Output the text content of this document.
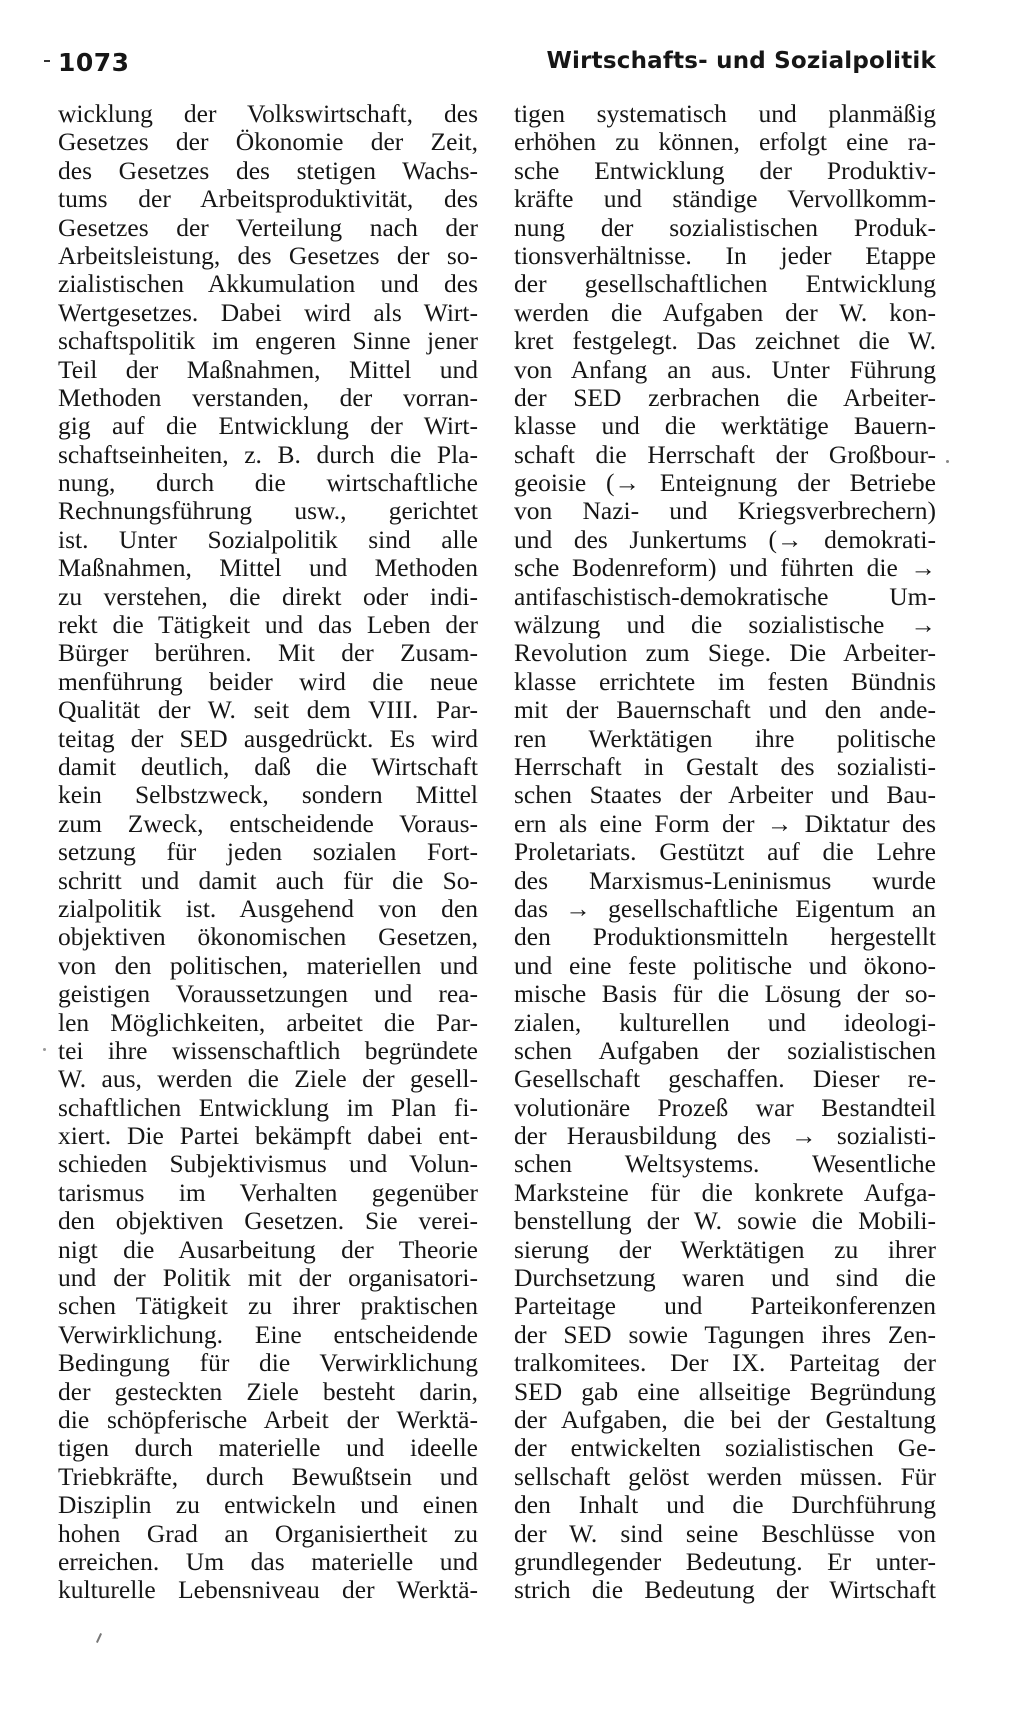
1073	Wirtschafts- und Sozialpolitik
wicklung der Volkswirtschaft, des
Gesetzes der Ökonomie der Zeit,
des Gesetzes des stetigen Wachs-
tums der Arbeitsproduktivität, des
Gesetzes der Verteilung nach der
Arbeitsleistung, des Gesetzes der so-
zialistischen Akkumulation und des
Wertgesetzes. Dabei wird als Wirt-
schaftspolitik im engeren Sinne jener
Teil der Maßnahmen, Mittel und
Methoden verstanden, der vorran-
gig auf die Entwicklung der Wirt-
schaftseinheiten, z. B. durch die Pla-
nung, durch die wirtschaftliche
Rechnungsführung usw., gerichtet
ist. Unter Sozialpolitik sind alle
Maßnahmen, Mittel und Methoden
zu verstehen, die direkt oder indi-
rekt die Tätigkeit und das Leben der
Bürger berühren. Mit der Zusam-
menführung beider wird die neue
Qualität der W. seit dem VIII. Par-
teitag der SED ausgedrückt. Es wird
damit deutlich, daß die Wirtschaft
kein Selbstzweck, sondern Mittel
zum Zweck, entscheidende Voraus-
setzung für jeden sozialen Fort-
schritt und damit auch für die So-
zialpolitik ist. Ausgehend von den
objektiven ökonomischen Gesetzen,
von den politischen, materiellen und
geistigen Voraussetzungen und rea-
len Möglichkeiten, arbeitet die Par-
tei ihre wissenschaftlich begründete
W. aus, werden die Ziele der gesell-
schaftlichen Entwicklung im Plan fi-
xiert. Die Partei bekämpft dabei ent-
schieden Subjektivismus und Volun-
tarismus im Verhalten gegenüber
den objektiven Gesetzen. Sie verei-
nigt die Ausarbeitung der Theorie
und der Politik mit der organisatori-
schen Tätigkeit zu ihrer praktischen
Verwirklichung. Eine entscheidende
Bedingung für die Verwirklichung
der gesteckten Ziele besteht darin,
die schöpferische Arbeit der Werktä-
tigen durch materielle und ideelle
Triebkräfte, durch Bewußtsein und
Disziplin zu entwickeln und einen
hohen Grad an Organisiertheit zu
erreichen. Um das materielle und
kulturelle Lebensniveau der Werktä-
tigen systematisch und planmäßig
erhöhen zu können, erfolgt eine ra-
sche Entwicklung der Produktiv-
kräfte und ständige Vervollkomm-
nung der sozialistischen Produk-
tionsverhältnisse. In jeder Etappe
der gesellschaftlichen Entwicklung
werden die Aufgaben der W. kon-
kret festgelegt. Das zeichnet die W.
von Anfang an aus. Unter Führung
der SED zerbrachen die Arbeiter-
klasse und die werktätige Bauern-
schaft die Herrschaft der Großbour-
geoisie (→ Enteignung der Betriebe
von Nazi- und Kriegsverbrechern)
und des Junkertums (→ demokrati-
sche Bodenreform) und führten die →
antifaschistisch-demokratische Um-
wälzung und die sozialistische →
Revolution zum Siege. Die Arbeiter-
klasse errichtete im festen Bündnis
mit der Bauernschaft und den ande-
ren Werktätigen ihre politische
Herrschaft in Gestalt des sozialisti-
schen Staates der Arbeiter und Bau-
ern als eine Form der → Diktatur des
Proletariats. Gestützt auf die Lehre
des Marxismus-Leninismus wurde
das → gesellschaftliche Eigentum an
den Produktionsmitteln hergestellt
und eine feste politische und ökono-
mische Basis für die Lösung der so-
zialen, kulturellen und ideologi-
schen Aufgaben der sozialistischen
Gesellschaft geschaffen. Dieser re-
volutionäre Prozeß war Bestandteil
der Herausbildung des → sozialisti-
schen Weltsystems. Wesentliche
Marksteine für die konkrete Aufga-
benstellung der W. sowie die Mobili-
sierung der Werktätigen zu ihrer
Durchsetzung waren und sind die
Parteitage und Parteikonferenzen
der SED sowie Tagungen ihres Zen-
tralkomitees. Der IX. Parteitag der
SED gab eine allseitige Begründung
der Aufgaben, die bei der Gestaltung
der entwickelten sozialistischen Ge-
sellschaft gelöst werden müssen. Für
den Inhalt und die Durchführung
der W. sind seine Beschlüsse von
grundlegender Bedeutung. Er unter-
strich die Bedeutung der Wirtschaft
